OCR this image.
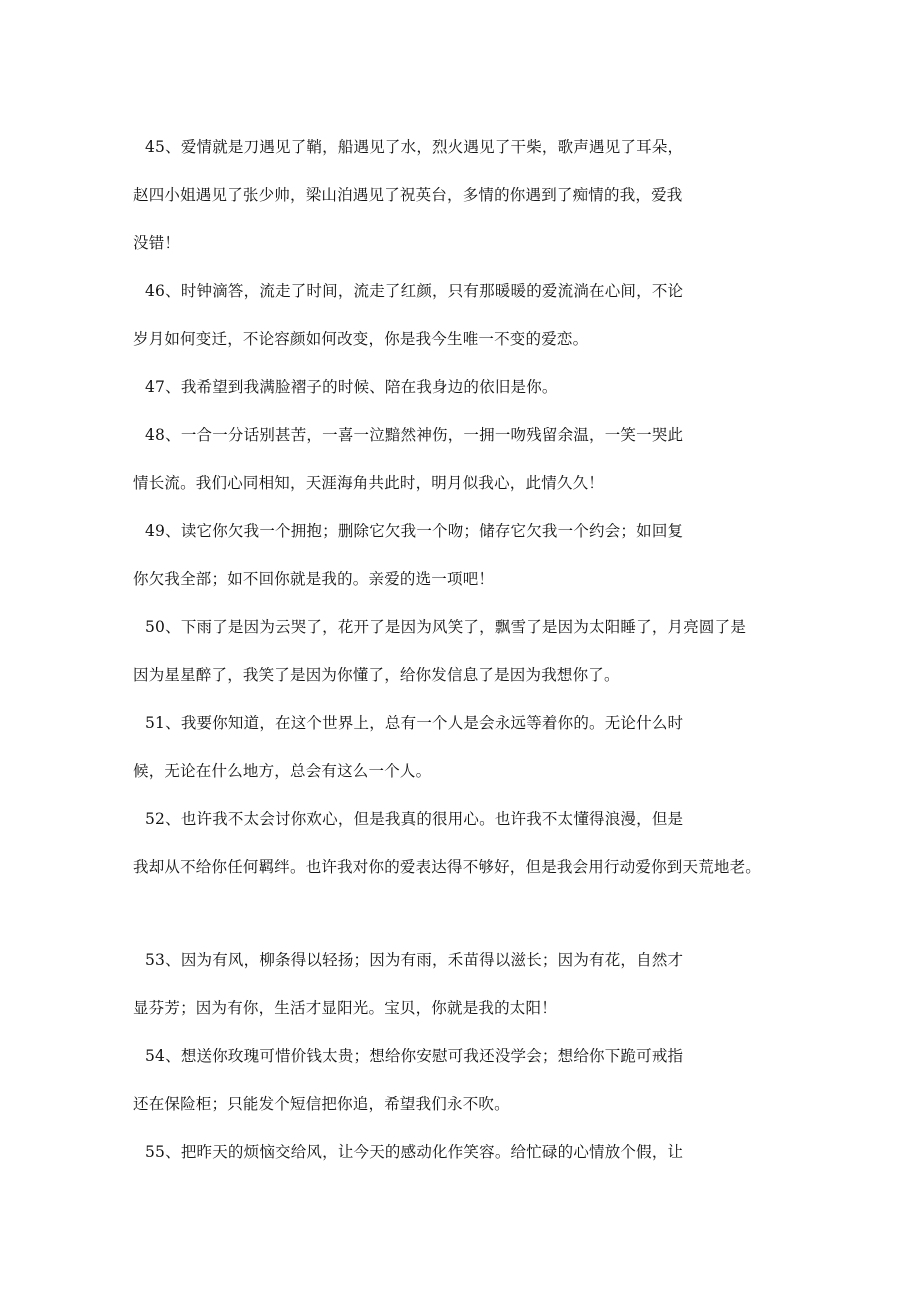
45、爱情就是刀遇见了鞘，船遇见了水，烈火遇见了干柴，歌声遇见了耳朵，
赵四小姐遇见了张少帅，梁山泊遇见了祝英台，多情的你遇到了痴情的我，爱我
没错！
46、时钟滴答，流走了时间，流走了红颜，只有那暖暖的爱流淌在心间，不论
岁月如何变迁，不论容颜如何改变，你是我今生唯一不变的爱恋。
47、我希望到我满脸褶子的时候、陪在我身边的依旧是你。
48、一合一分话别甚苦，一喜一泣黯然神伤，一拥一吻残留余温，一笑一哭此
情长流。我们心同相知，天涯海角共此时，明月似我心，此情久久！
49、读它你欠我一个拥抱；删除它欠我一个吻；储存它欠我一个约会；如回复
你欠我全部；如不回你就是我的。亲爱的选一项吧！
50、下雨了是因为云哭了，花开了是因为风笑了，飘雪了是因为太阳睡了，月亮圆了是
因为星星醉了，我笑了是因为你懂了，给你发信息了是因为我想你了。
51、我要你知道，在这个世界上，总有一个人是会永远等着你的。无论什么时
候，无论在什么地方，总会有这么一个人。
52、也许我不太会讨你欢心，但是我真的很用心。也许我不太懂得浪漫，但是
我却从不给你任何羁绊。也许我对你的爱表达得不够好，但是我会用行动爱你到天荒地老。
53、因为有风，柳条得以轻扬；因为有雨，禾苗得以滋长；因为有花，自然才
显芬芳；因为有你，生活才显阳光。宝贝，你就是我的太阳！
54、想送你玫瑰可惜价钱太贵；想给你安慰可我还没学会；想给你下跪可戒指
还在保险柜；只能发个短信把你追，希望我们永不吹。
55、把昨天的烦恼交给风，让今天的感动化作笑容。给忙碌的心情放个假，让
